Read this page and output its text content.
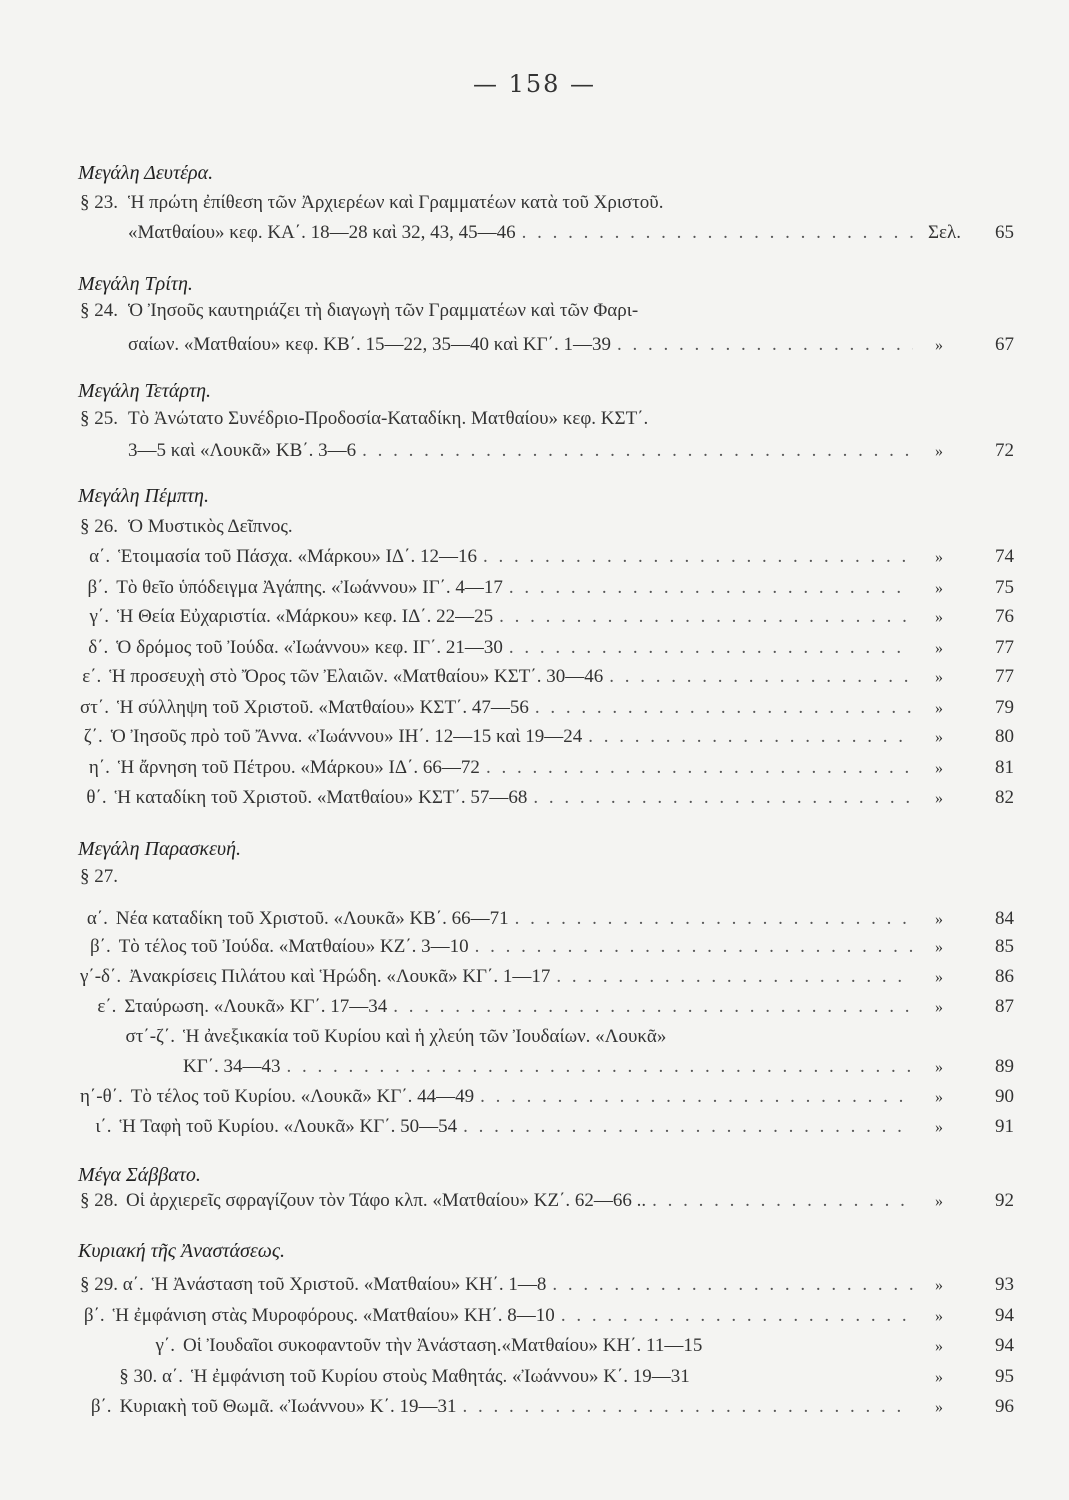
— 158 —
Μεγάλη Δευτέρα.
Μεγάλη Τρίτη.
Μεγάλη Τετάρτη.
Μεγάλη Πέμπτη.
Μεγάλη Παρασκευή.
Μέγα Σάββατο.
Κυριακή τῆς Ἀναστάσεως.
§ 23. Ἡ πρώτη ἐπίθεση τῶν Ἀρχιερέων καὶ Γραμματέων κατὰ τοῦ Χριστοῦ.
«Ματθαίου» κεφ. ΚΑ΄. 18—28 καὶ 32, 43, 45—46 . . .	Σελ. 65
§ 24. Ὁ Ἰησοῦς καυτηριάζει τὴ διαγωγὴ τῶν Γραμματέων καὶ τῶν Φαρι-
σαίων. «Ματθαίου» κεφ. ΚΒ΄. 15—22, 35—40 καὶ ΚΓ΄. 1—39 . . .	»	67
§ 25. Τὸ Ἀνώτατο Συνέδριο-Προδοσία-Καταδίκη. Ματθαίου» κεφ. ΚΣΤ΄.
3—5 καὶ «Λουκᾶ» ΚΒ΄. 3—6 . . .	»	72
§ 26. Ὁ Μυστικὸς Δεῖπνος.
α΄. Ἑτοιμασία τοῦ Πάσχα. «Μάρκου» ΙΔ΄. 12—16 . . .	»	74
β΄. Τὸ θεῖο ὑπόδειγμα Ἀγάπης. «Ἰωάννου» ΙΓ΄. 4—17 . . .	»	75
γ΄. Ἡ Θεία Εὐχαριστία. «Μάρκου» κεφ. ΙΔ΄. 22—25 . . .	»	76
δ΄. Ὁ δρόμος τοῦ Ἰούδα. «Ἰωάννου» κεφ. ΙΓ΄. 21—30 . . .	»	77
ε΄. Ἡ προσευχὴ στὸ Ὄρος τῶν Ἐλαιῶν. «Ματθαίου» ΚΣΤ΄. 30—46 . . .	»	77
στ΄. Ἡ σύλληψη τοῦ Χριστοῦ. «Ματθαίου» ΚΣΤ΄. 47—56 . . .	»	79
ζ΄. Ὁ Ἰησοῦς πρὸ τοῦ Ἄννα. «Ἰωάννου» ΙΗ΄. 12—15 καὶ 19—24 . . .	»	80
η΄. Ἡ ἄρνηση τοῦ Πέτρου. «Μάρκου» ΙΔ΄. 66—72 . . .	»	81
θ΄. Ἡ καταδίκη τοῦ Χριστοῦ. «Ματθαίου» ΚΣΤ΄. 57—68 . . .	»	82
§ 27.
α΄. Νέα καταδίκη τοῦ Χριστοῦ. «Λουκᾶ» ΚΒ΄. 66—71 . . .	»	84
β΄. Τὸ τέλος τοῦ Ἰούδα. «Ματθαίου» ΚΖ΄. 3—10 . . .	»	85
γ΄-δ΄. Ἀνακρίσεις Πιλάτου καὶ Ἡρώδη. «Λουκᾶ» ΚΓ΄. 1—17 . . .	»	86
ε΄. Σταύρωση. «Λουκᾶ» ΚΓ΄. 17—34 . . .	»	87
στ΄-ζ΄. Ἡ ἀνεξικακία τοῦ Κυρίου καὶ ἡ χλεύη τῶν Ἰουδαίων. «Λουκᾶ»
ΚΓ΄. 34—43 . . .	»	89
η΄-θ΄. Τὸ τέλος τοῦ Κυρίου. «Λουκᾶ» ΚΓ΄. 44—49 . . .	»	90
ι΄. Ἡ Ταφὴ τοῦ Κυρίου. «Λουκᾶ» ΚΓ΄. 50—54 . . .	»	91
§ 28. Οἱ ἀρχιερεῖς σφραγίζουν τὸν Τάφο κλπ. «Ματθαίου» ΚΖ΄. 62—66 .. . . .	»	92
§ 29. α΄. Ἡ Ἀνάσταση τοῦ Χριστοῦ. «Ματθαίου» ΚΗ΄. 1—8 . . .	»	93
β΄. Ἡ ἐμφάνιση στὰς Μυροφόρους. «Ματθαίου» ΚΗ΄. 8—10 . . .	»	94
γ΄. Οἱ Ἰουδαῖοι συκοφαντοῦν τὴν Ἀνάσταση.«Ματθαίου» ΚΗ΄. 11—15	»	94
§ 30. α΄. Ἡ ἐμφάνιση τοῦ Κυρίου στοὺς Μαθητάς. «Ἰωάννου» Κ΄. 19—31	»	95
β΄. Κυριακὴ τοῦ Θωμᾶ. «Ἰωάννου» Κ΄. 19—31 . . .	»	96
